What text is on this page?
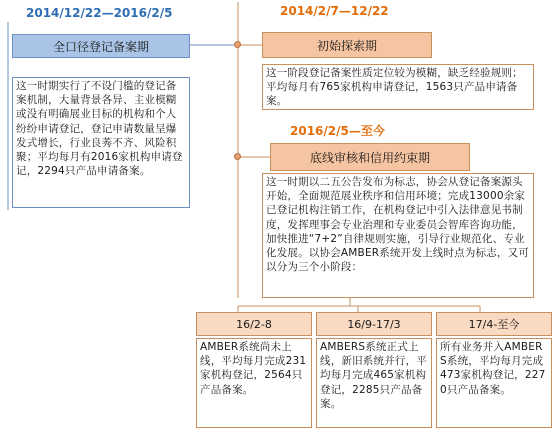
2014/12/22—2016/2/5
全口径登记备案期
这一时期实行了不设门槛的登记备案机制，大量背景各异、主业模糊或没有明确展业目标的机构和个人纷纷申请登记，登记申请数量呈爆发式增长，行业良莠不齐、风险积聚；平均每月有2016家机构申请登记，2294只产品申请备案。
2014/2/7—12/22
初始探索期
这一阶段登记备案性质定位较为模糊，缺乏经验规则；平均每月有765家机构申请登记，1563只产品申请备案。
2016/2/5—至今
底线审核和信用约束期
这一时期以二五公告发布为标志，协会从登记备案源头开始，全面规范展业秩序和信用环境；完成13000余家已登记机构注销工作，在机构登记中引入法律意见书制度，发挥理事会专业治理和专业委员会智库咨询功能，加快推进“7+2”自律规则实施，引导行业规范化、专业化发展。以协会AMBER系统开发上线时点为标志，又可以分为三个小阶段：
16/2-8
AMBER系统尚未上线，平均每月完成231家机构登记，2564只产品备案。
16/9-17/3
AMBERS系统正式上线，新旧系统并行，平均每月完成465家机构登记，2285只产品备案。
17/4-至今
所有业务并入AMBERS系统，平均每月完成473家机构登记，2270只产品备案。
